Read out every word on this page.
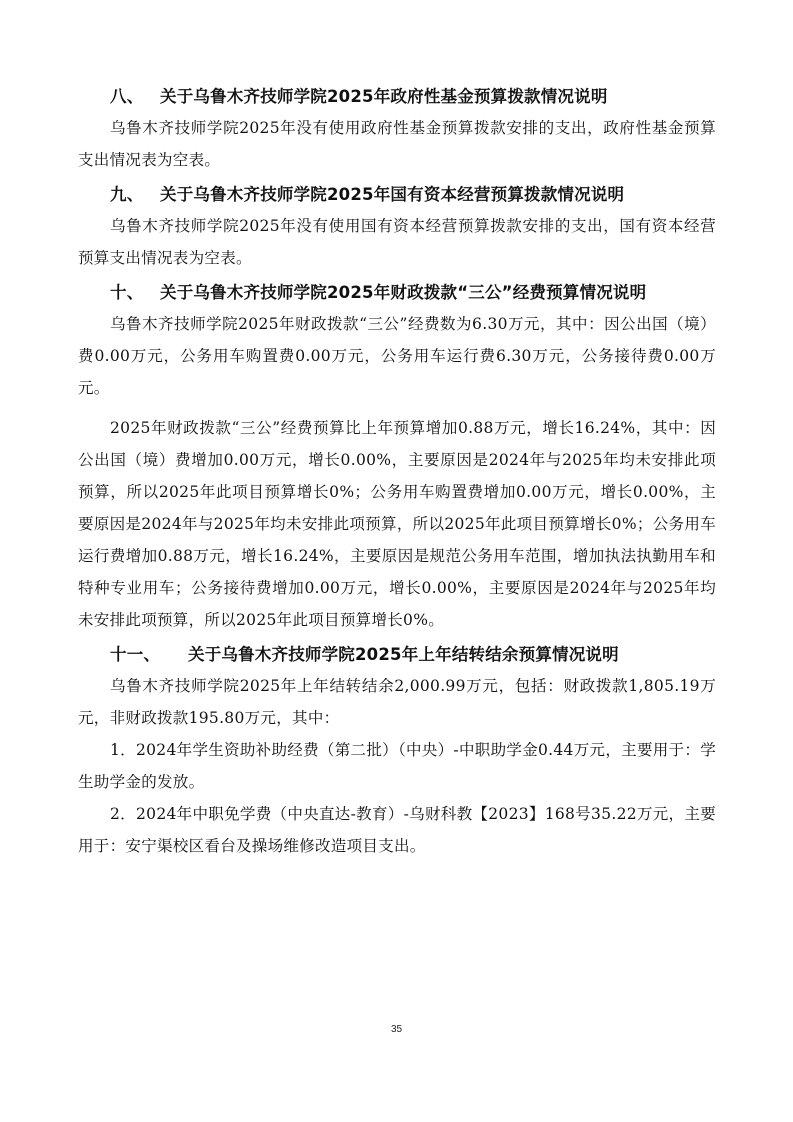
八、 关于乌鲁木齐技师学院2025年政府性基金预算拨款情况说明

乌鲁木齐技师学院2025年没有使用政府性基金预算拨款安排的支出，政府性基金预算支出情况表为空表。

九、 关于乌鲁木齐技师学院2025年国有资本经营预算拨款情况说明

乌鲁木齐技师学院2025年没有使用国有资本经营预算拨款安排的支出，国有资本经营预算支出情况表为空表。

十、 关于乌鲁木齐技师学院2025年财政拨款“三公”经费预算情况说明

乌鲁木齐技师学院2025年财政拨款“三公”经费数为6.30万元，其中：因公出国（境）费0.00万元，公务用车购置费0.00万元，公务用车运行费6.30万元，公务接待费0.00万元。

2025年财政拨款“三公”经费预算比上年预算增加0.88万元，增长16.24%，其中：因公出国（境）费增加0.00万元，增长0.00%，主要原因是2024年与2025年均未安排此项预算，所以2025年此项目预算增长0%；公务用车购置费增加0.00万元，增长0.00%，主要原因是2024年与2025年均未安排此项预算，所以2025年此项目预算增长0%；公务用车运行费增加0.88万元，增长16.24%，主要原因是规范公务用车范围，增加执法执勤用车和特种专业用车；公务接待费增加0.00万元，增长0.00%，主要原因是2024年与2025年均未安排此项预算，所以2025年此项目预算增长0%。

十一、 关于乌鲁木齐技师学院2025年上年结转结余预算情况说明

乌鲁木齐技师学院2025年上年结转结余2,000.99万元，包括：财政拨款1,805.19万元，非财政拨款195.80万元，其中：

1．2024年学生资助补助经费（第二批）（中央）-中职助学金0.44万元，主要用于：学生助学金的发放。

2．2024年中职免学费（中央直达-教育）-乌财科教【2023】168号35.22万元，主要用于：安宁渠校区看台及操场维修改造项目支出。

35
